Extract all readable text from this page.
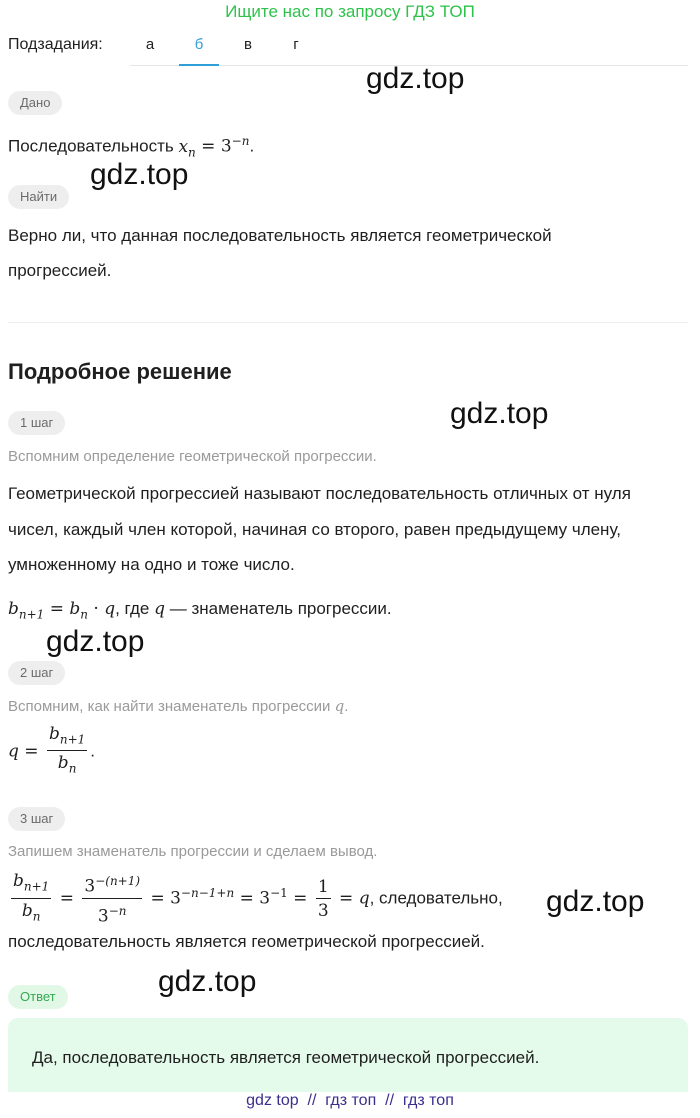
Ищите нас по запросу ГДЗ ТОП
Подзадания:	а	б	в	г
gdz.top
Дано
Последовательность $x_n = 3^{-n}$.
gdz.top
Найти
Верно ли, что данная последовательность является геометрической
прогрессией.
Подробное решение
gdz.top
1 шаг
Вспомним определение геометрической прогрессии.
Геометрической прогрессией называют последовательность отличных от нуля
чисел, каждый член которой, начиная со второго, равен предыдущему члену,
умноженному на одно и тоже число.
$b_{n+1} = b_n \cdot q$, где q — знаменатель прогрессии.
gdz.top
2 шаг
Вспомним, как найти знаменатель прогрессии q.
$q = \frac{b_{n+1}}{b_n}$ .
3 шаг
Запишем знаменатель прогрессии и сделаем вывод.
$\frac{b_{n+1}}{b_n} = \frac{3^{-(n+1)}}{3^{-n}} = 3^{-n-1+n} = 3^{-1} = \frac{1}{3} = q$, следовательно, gdz.top
последовательность является геометрической прогрессией.
gdz.top
Ответ
Да, последовательность является геометрической прогрессией.
gdz top  //  гдз топ  //  гдз топ
